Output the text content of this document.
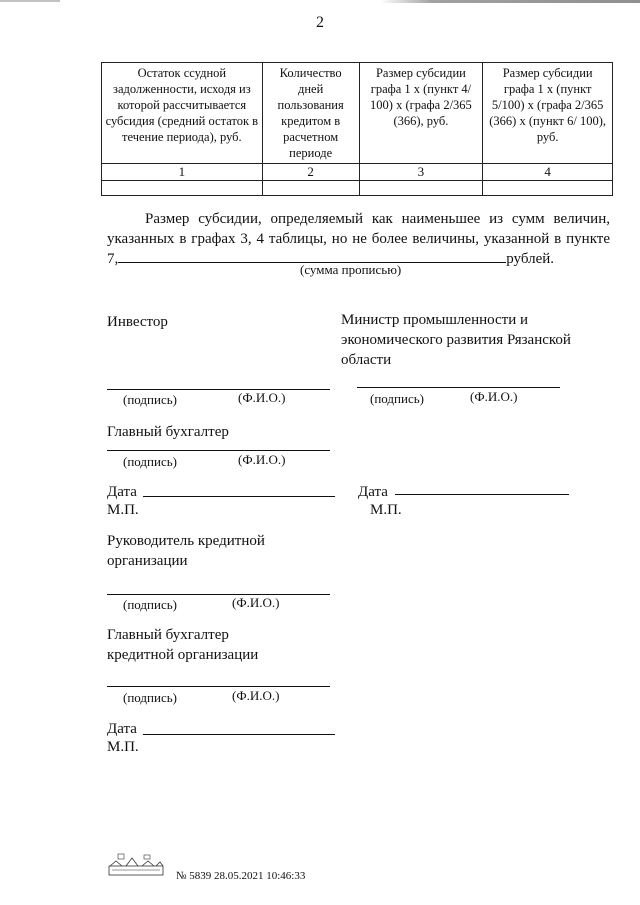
2
Остаток ссудной задолженности, исходя из которой рассчитывается субсидия (средний остаток в течение периода), руб.	Количество дней пользования кредитом в расчетном периоде	Размер субсидии графа 1 х (пункт 4/ 100) х (графа 2/365 (366), руб.	Размер субсидии графа 1 х (пункт 5/100) х (графа 2/365 (366) х (пункт 6/ 100), руб.
1	2	3	4

Размер субсидии, определяемый как наименьшее из сумм величин, указанных в графах 3, 4 таблицы, но не более величины, указанной в пункте 7,	рублей.
(сумма прописью)
Инвестор	Министр промышленности и экономического развития Рязанской области
(подпись)	(Ф.И.О.)	(подпись)	(Ф.И.О.)
Главный бухгалтер
(подпись)	(Ф.И.О.)
Дата
М.П.
Дата
М.П.
Руководитель кредитной организации
(подпись)	(Ф.И.О.)
Главный бухгалтер кредитной организации
(подпись)	(Ф.И.О.)
Дата
М.П.
№ 5839 28.05.2021 10:46:33
